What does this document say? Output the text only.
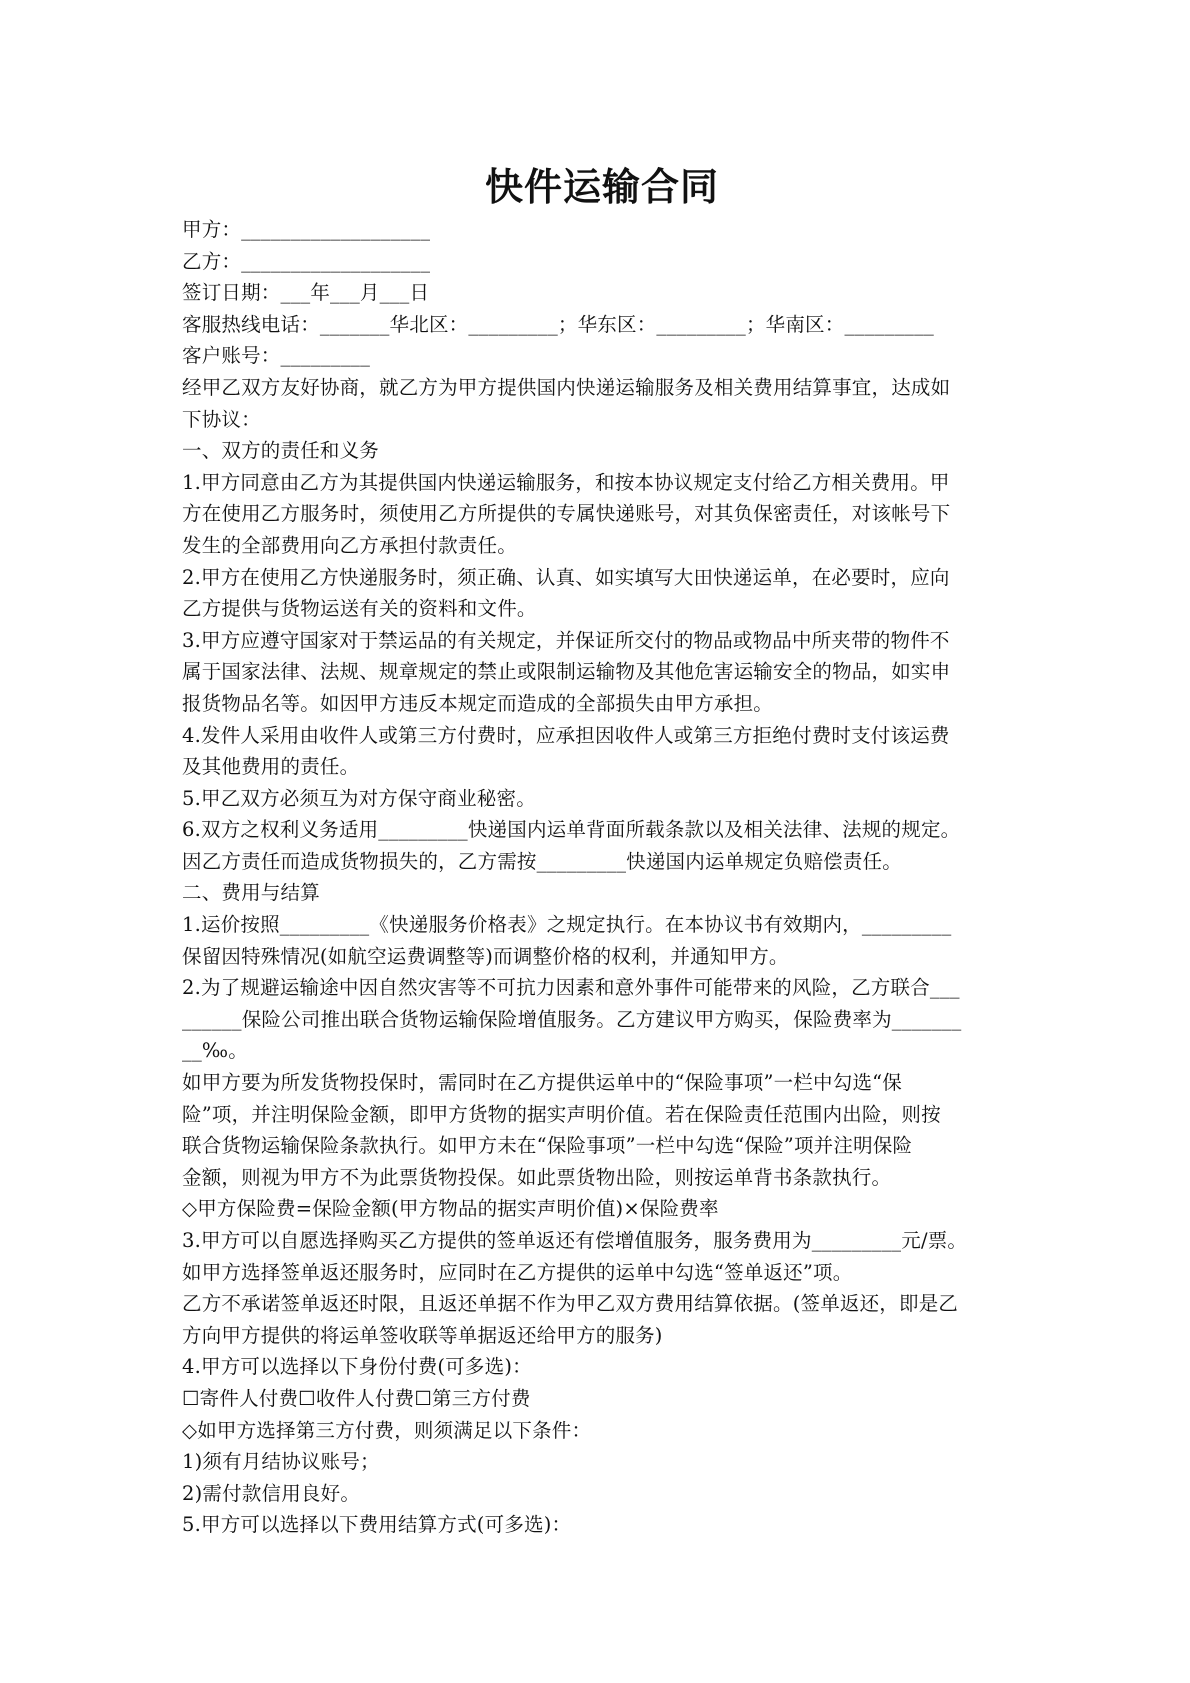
快件运输合同
甲方：___________________
乙方：___________________
签订日期：___年___月___日
客服热线电话：_______华北区：_________；华东区：_________；华南区：_________
客户账号：_________
经甲乙双方友好协商，就乙方为甲方提供国内快递运输服务及相关费用结算事宜，达成如
下协议：
一、双方的责任和义务
1.甲方同意由乙方为其提供国内快递运输服务，和按本协议规定支付给乙方相关费用。甲
方在使用乙方服务时，须使用乙方所提供的专属快递账号，对其负保密责任，对该帐号下
发生的全部费用向乙方承担付款责任。
2.甲方在使用乙方快递服务时，须正确、认真、如实填写大田快递运单，在必要时，应向
乙方提供与货物运送有关的资料和文件。
3.甲方应遵守国家对于禁运品的有关规定，并保证所交付的物品或物品中所夹带的物件不
属于国家法律、法规、规章规定的禁止或限制运输物及其他危害运输安全的物品，如实申
报货物品名等。如因甲方违反本规定而造成的全部损失由甲方承担。
4.发件人采用由收件人或第三方付费时，应承担因收件人或第三方拒绝付费时支付该运费
及其他费用的责任。
5.甲乙双方必须互为对方保守商业秘密。
6.双方之权利义务适用_________快递国内运单背面所载条款以及相关法律、法规的规定。
因乙方责任而造成货物损失的，乙方需按_________快递国内运单规定负赔偿责任。
二、费用与结算
1.运价按照_________《快递服务价格表》之规定执行。在本协议书有效期内，_________
保留因特殊情况(如航空运费调整等)而调整价格的权利，并通知甲方。
2.为了规避运输途中因自然灾害等不可抗力因素和意外事件可能带来的风险，乙方联合___
______保险公司推出联合货物运输保险增值服务。乙方建议甲方购买，保险费率为_______
__‰。
如甲方要为所发货物投保时，需同时在乙方提供运单中的“保险事项”一栏中勾选“保
险”项，并注明保险金额，即甲方货物的据实声明价值。若在保险责任范围内出险，则按
联合货物运输保险条款执行。如甲方未在“保险事项”一栏中勾选“保险”项并注明保险
金额，则视为甲方不为此票货物投保。如此票货物出险，则按运单背书条款执行。
◇甲方保险费=保险金额(甲方物品的据实声明价值)×保险费率
3.甲方可以自愿选择购买乙方提供的签单返还有偿增值服务，服务费用为_________元/票。
如甲方选择签单返还服务时，应同时在乙方提供的运单中勾选“签单返还”项。
乙方不承诺签单返还时限，且返还单据不作为甲乙双方费用结算依据。(签单返还，即是乙
方向甲方提供的将运单签收联等单据返还给甲方的服务)
4.甲方可以选择以下身份付费(可多选)：
☐寄件人付费☐收件人付费☐第三方付费
◇如甲方选择第三方付费，则须满足以下条件：
1)须有月结协议账号；
2)需付款信用良好。
5.甲方可以选择以下费用结算方式(可多选)：
